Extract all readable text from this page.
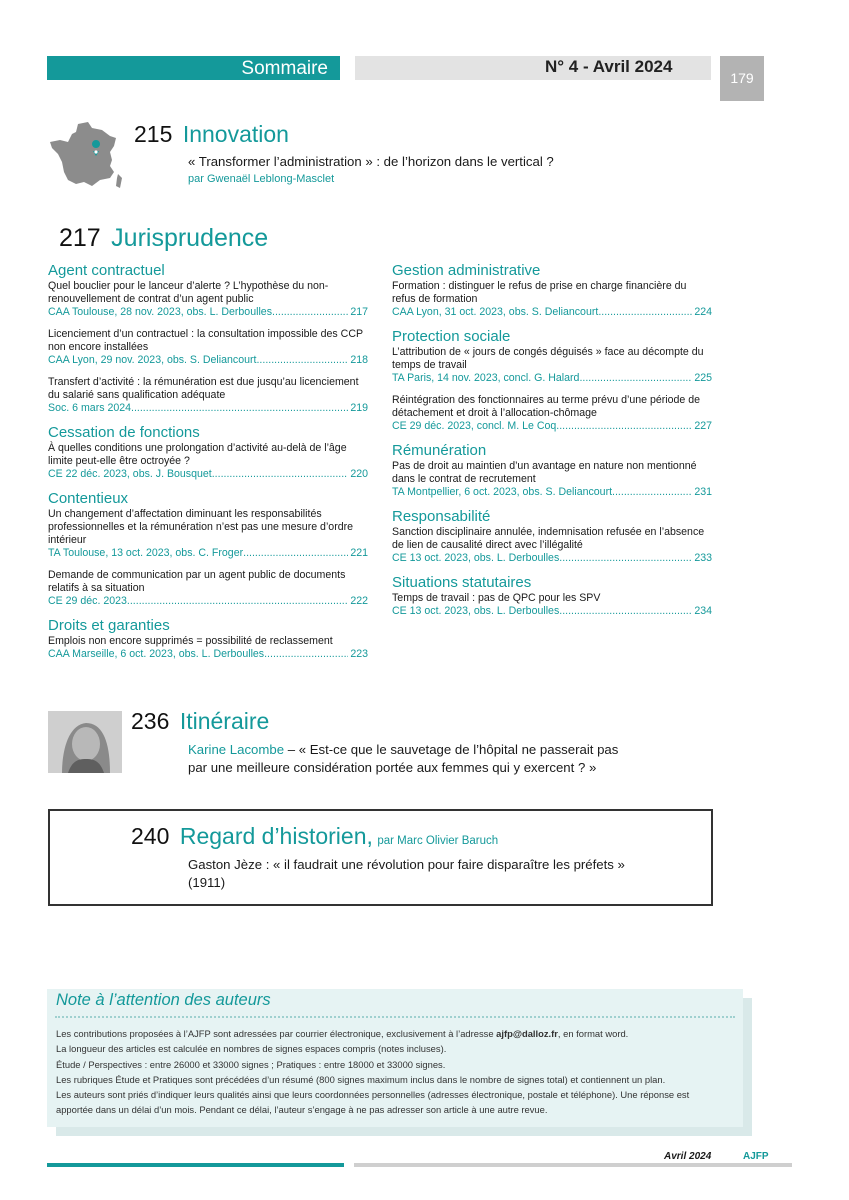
Sommaire	N° 4 - Avril 2024
179
215 Innovation
« Transformer l’administration » : de l’horizon dans le vertical ?
par Gwenaël Leblong-Masclet
217 Jurisprudence

Agent contractuel

Quel bouclier pour le lanceur d’alerte ? L’hypothèse du non-renouvellement de contrat d’un agent public
CAA Toulouse, 28 nov. 2023, obs. L. Derboulles .....	217
Licenciement d’un contractuel : la consultation impossible des CCP non encore installées
CAA Lyon, 29 nov. 2023, obs. S. Deliancourt .....	218
Transfert d’activité : la rémunération est due jusqu’au licenciement du salarié sans qualification adéquate
Soc. 6 mars 2024 .....	219

Cessation de fonctions

À quelles conditions une prolongation d’activité au-delà de l’âge limite peut-elle être octroyée ?
CE 22 déc. 2023, obs. J. Bousquet .....	220

Contentieux

Un changement d’affectation diminuant les responsabilités professionnelles et la rémunération n’est pas une mesure d’ordre intérieur
TA Toulouse, 13 oct. 2023, obs. C. Froger .....	221
Demande de communication par un agent public de documents relatifs à sa situation
CE 29 déc. 2023 .....	222

Droits et garanties

Emplois non encore supprimés = possibilité de reclassement
CAA Marseille, 6 oct. 2023, obs. L. Derboulles .....	223

Gestion administrative

Formation : distinguer le refus de prise en charge financière du refus de formation
CAA Lyon, 31 oct. 2023, obs. S. Deliancourt .....	224

Protection sociale

L’attribution de « jours de congés déguisés » face au décompte du temps de travail
TA Paris, 14 nov. 2023, concl. G. Halard .....	225
Réintégration des fonctionnaires au terme prévu d’une période de détachement et droit à l’allocation-chômage
CE 29 déc. 2023, concl. M. Le Coq .....	227

Rémunération

Pas de droit au maintien d’un avantage en nature non mentionné dans le contrat de recrutement
TA Montpellier, 6 oct. 2023, obs. S. Deliancourt .....	231

Responsabilité

Sanction disciplinaire annulée, indemnisation refusée en l’absence de lien de causalité direct avec l’illégalité
CE 13 oct. 2023, obs. L. Derboulles .....	233

Situations statutaires

Temps de travail : pas de QPC pour les SPV
CE 13 oct. 2023, obs. L. Derboulles .....	234
236 Itinéraire
Karine Lacombe – « Est-ce que le sauvetage de l’hôpital ne passerait pas
par une meilleure considération portée aux femmes qui y exercent ? »
240 Regard d’historien, par Marc Olivier Baruch
Gaston Jèze : « il faudrait une révolution pour faire disparaître les préfets »
(1911)
Note à l’attention des auteurs
Les contributions proposées à l’AJFP sont adressées par courrier électronique, exclusivement à l’adresse ajfp@dalloz.fr, en format word.
La longueur des articles est calculée en nombres de signes espaces compris (notes incluses).
Étude / Perspectives : entre 26000 et 33000 signes ; Pratiques : entre 18000 et 33000 signes.
Les rubriques Étude et Pratiques sont précédées d’un résumé (800 signes maximum inclus dans le nombre de signes total) et contiennent un plan.
Les auteurs sont priés d’indiquer leurs qualités ainsi que leurs coordonnées personnelles (adresses électronique, postale et téléphone). Une réponse est
apportée dans un délai d’un mois. Pendant ce délai, l’auteur s’engage à ne pas adresser son article à une autre revue.
Avril 2024	AJFP
